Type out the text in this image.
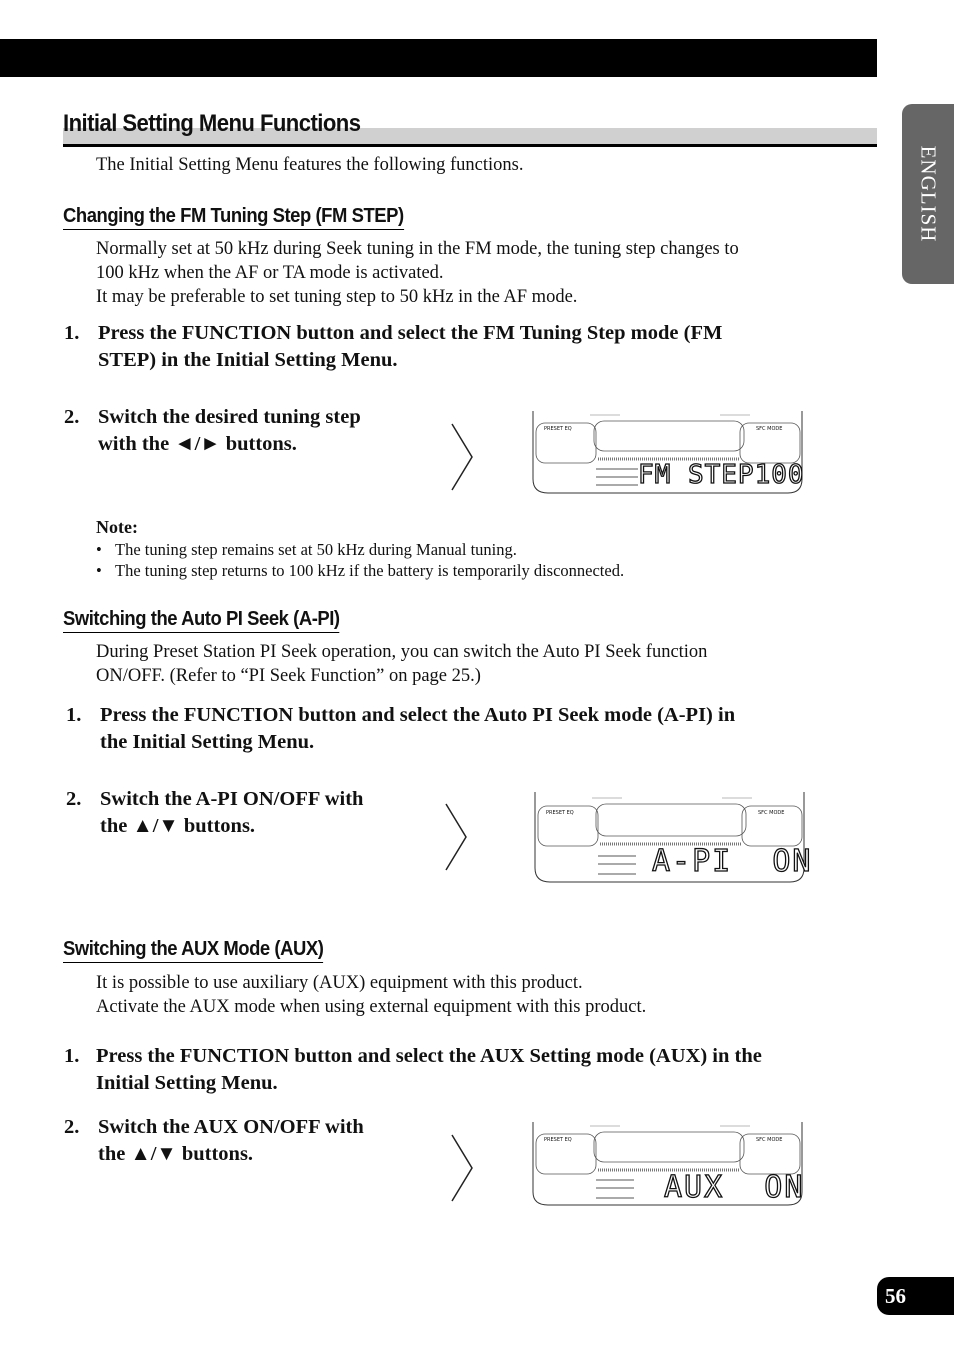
ENGLISH
Initial Setting Menu Functions
The Initial Setting Menu features the following functions.
Changing the FM Tuning Step (FM STEP)
Normally set at 50 kHz during Seek tuning in the FM mode, the tuning step changes to
100 kHz when the AF or TA mode is activated.
It may be preferable to set tuning step to 50 kHz in the AF mode.
1. Press the FUNCTION button and select the FM Tuning Step mode (FM
STEP) in the Initial Setting Menu.
2. Switch the desired tuning step
with the ◄/► buttons.
PRESET EQ	SFC MODE
FM STEP100
Note:
• The tuning step remains set at 50 kHz during Manual tuning.
• The tuning step returns to 100 kHz if the battery is temporarily disconnected.
Switching the Auto PI Seek (A-PI)
During Preset Station PI Seek operation, you can switch the Auto PI Seek function
ON/OFF. (Refer to “PI Seek Function” on page 25.)
1. Press the FUNCTION button and select the Auto PI Seek mode (A-PI) in
the Initial Setting Menu.
2. Switch the A-PI ON/OFF with
the ▲/▼ buttons.
PRESET EQ	SFC MODE
A-PI  ON
Switching the AUX Mode (AUX)
It is possible to use auxiliary (AUX) equipment with this product.
Activate the AUX mode when using external equipment with this product.
1. Press the FUNCTION button and select the AUX Setting mode (AUX) in the
Initial Setting Menu.
2. Switch the AUX ON/OFF with
the ▲/▼ buttons.
PRESET EQ	SFC MODE
AUX  ON
56
